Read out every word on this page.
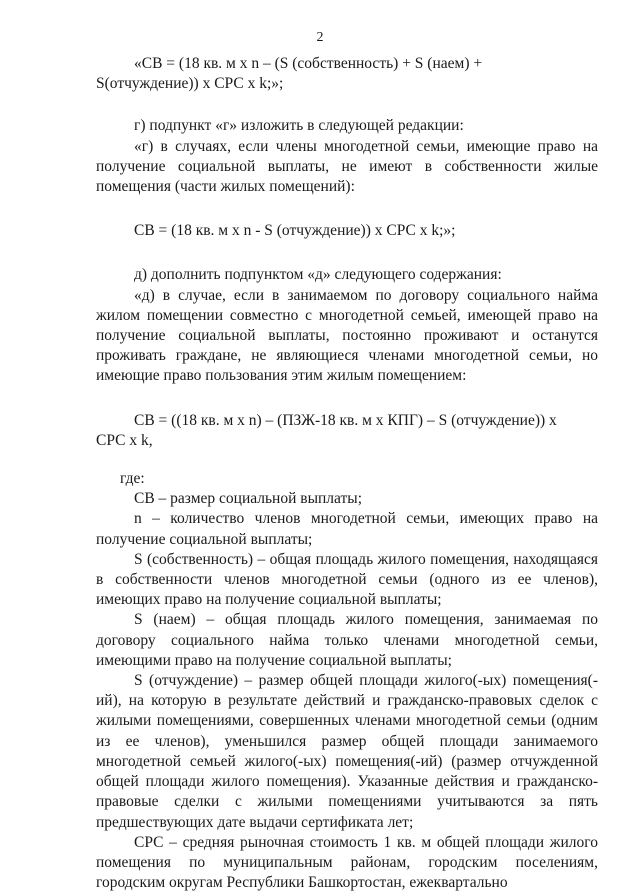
2

«СВ = (18 кв. м х n – (S (собственность) + S (наем) +

S(отчуждение)) х СРС х k;»;

г) подпункт «г» изложить в следующей редакции:

«г) в случаях, если члены многодетной семьи, имеющие право на получение социальной выплаты, не имеют в собственности жилые помещения (части жилых помещений):

СВ = (18 кв. м х n - S (отчуждение)) х СРС х k;»;

д) дополнить подпунктом «д» следующего содержания:

«д) в случае, если в занимаемом по договору социального найма жилом помещении совместно с многодетной семьей, имеющей право на получение социальной выплаты, постоянно проживают и останутся проживать граждане, не являющиеся членами многодетной семьи, но имеющие право пользования этим жилым помещением:

СВ = ((18 кв. м х n) – (ПЗЖ-18 кв. м х КПГ) – S (отчуждение)) х

СРС х k,

где:

СВ – размер социальной выплаты;

n – количество членов многодетной семьи, имеющих право на получение социальной выплаты;

S (собственность) – общая площадь жилого помещения, находящаяся в собственности членов многодетной семьи (одного из ее членов), имеющих право на получение социальной выплаты;

S (наем) – общая площадь жилого помещения, занимаемая по договору социального найма только членами многодетной семьи, имеющими право на получение социальной выплаты;

S (отчуждение) – размер общей площади жилого(-ых) помещения(-ий), на которую в результате действий и гражданско-правовых сделок с жилыми помещениями, совершенных членами многодетной семьи (одним из ее членов), уменьшился размер общей площади занимаемого многодетной семьей жилого(-ых) помещения(-ий) (размер отчужденной общей площади жилого помещения). Указанные действия и гражданско-правовые сделки с жилыми помещениями учитываются за пять предшествующих дате выдачи сертификата лет;

СРС – средняя рыночная стоимость 1 кв. м общей площади жилого помещения по муниципальным районам, городским поселениям, городским округам Республики Башкортостан, ежеквартально
